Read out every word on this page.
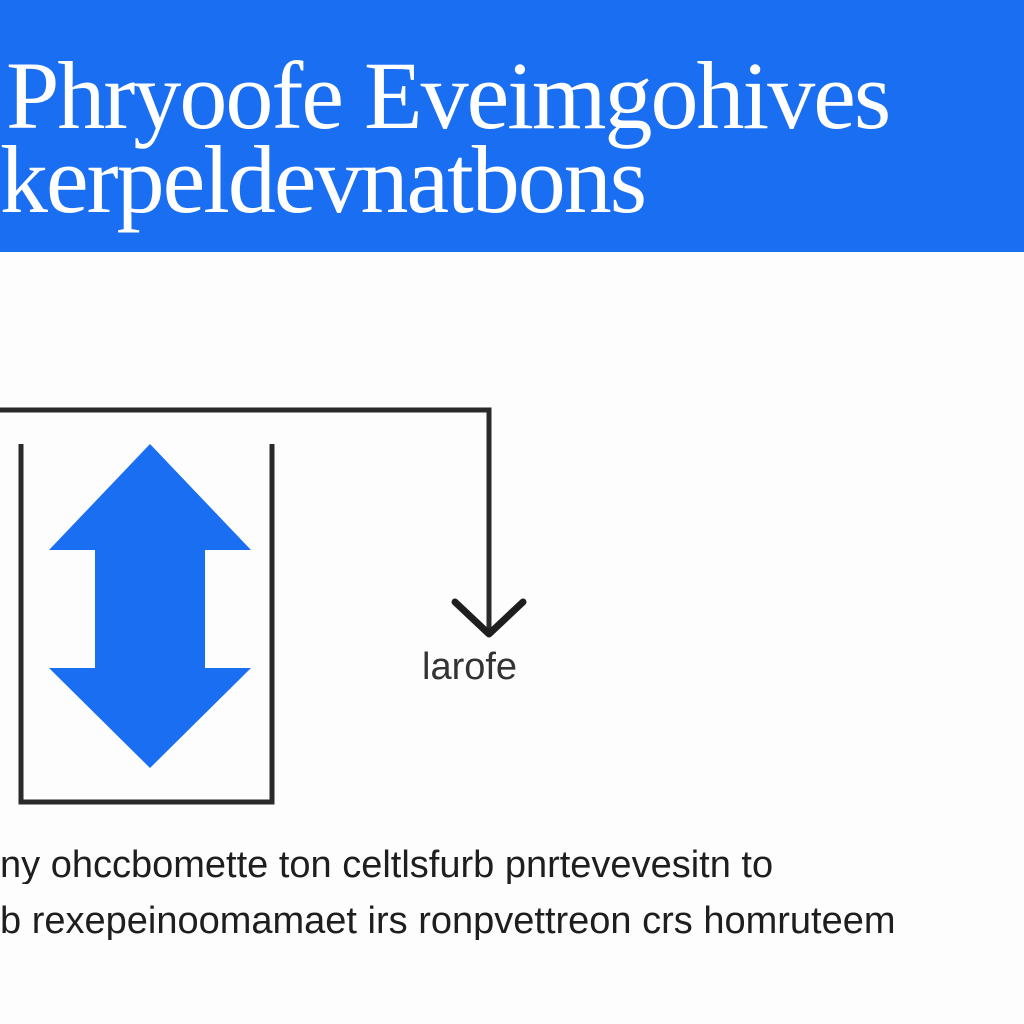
Phryoofe Eveimgohives

kerpeldevnatbons

larofe

ny ohccbomette ton celtlsfurb pnrtevevesitn to

b rexepeinoomamaet irs ronpvettreon crs homruteem
